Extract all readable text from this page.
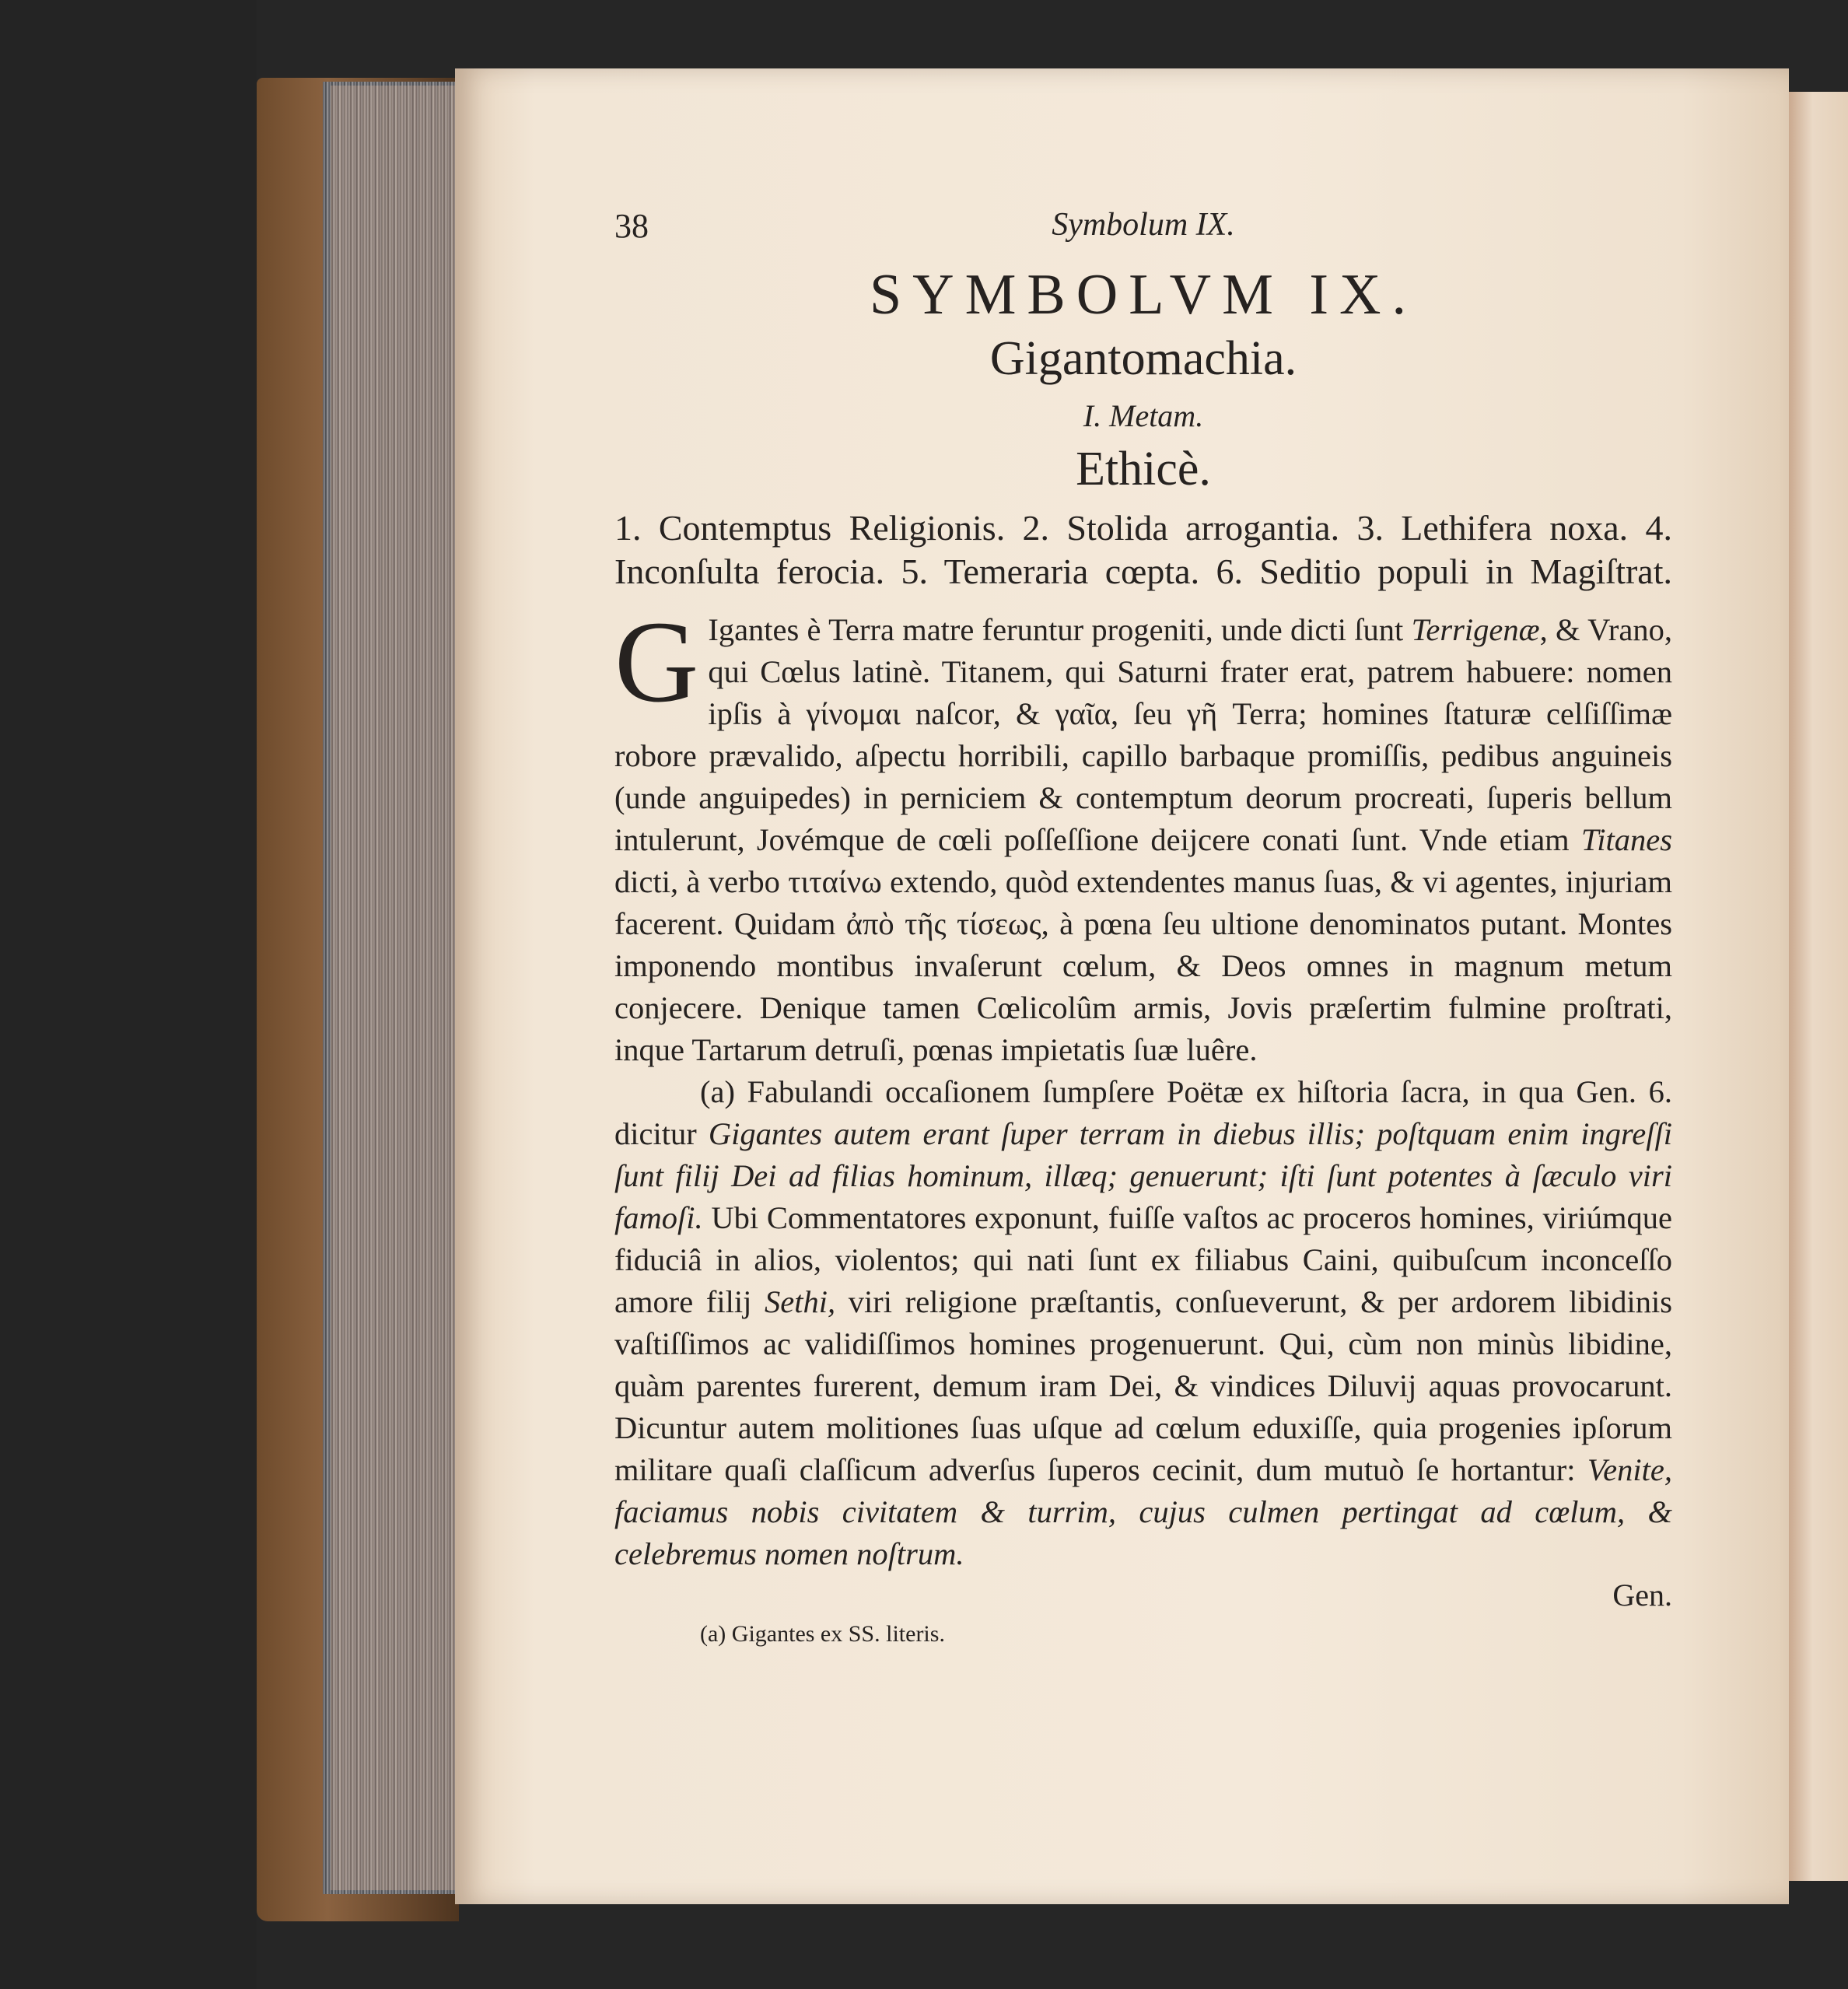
38	Symbolum IX.
SYMBOLVM IX.
Gigantomachia.
I. Metam.
Ethicè.
1. Contemptus Religionis. 2. Stolida arrogantia. 3. Lethifera noxa. 4. Inconſulta ferocia. 5. Temeraria cœpta. 6. Seditio populi in Magiſtrat.
G Igantes è Terra matre feruntur progeniti, unde dicti ſunt Terrigenæ, & Vrano, qui Cœlus latinè. Titanem, qui Saturni frater erat, patrem habuere: nomen ipſis à γίνομαι naſcor, & γαῖα, ſeu γῆ Terra; homines ſtaturæ celſiſſimæ robore prævalido, aſpectu horribili, capillo barbaque promiſſis, pedibus anguineis (unde anguipedes) in perniciem & contemptum deorum procreati, ſuperis bellum intulerunt, Jovémque de cœli poſſeſſione deijcere conati ſunt. Vnde etiam Titanes dicti, à verbo τιταίνω extendo, quòd extendentes manus ſuas, & vi agentes, injuriam facerent. Quidam ἀπὸ τῆς τίσεως, à pœna ſeu ultione denominatos putant. Montes imponendo montibus invaſerunt cœlum, & Deos omnes in magnum metum conjecere. Denique tamen Cœlicolûm armis, Jovis præſertim fulmine proſtrati, inque Tartarum detruſi, pœnas impietatis ſuæ luêre.
(a) Fabulandi occaſionem ſumpſere Poëtæ ex hiſtoria ſacra, in qua Gen. 6. dicitur Gigantes autem erant ſuper terram in diebus illis; poſtquam enim ingreſſi ſunt filij Dei ad filias hominum, illæq; genuerunt; iſti ſunt potentes à ſæculo viri famoſi. Ubi Commentatores exponunt, fuiſſe vaſtos ac proceros homines, viriúmque fiduciâ in alios, violentos; qui nati ſunt ex filiabus Caini, quibuſcum inconceſſo amore filij Sethi, viri religione præſtantis, conſueverunt, & per ardorem libidinis vaſtiſſimos ac validiſſimos homines progenuerunt. Qui, cùm non minùs libidine, quàm parentes furerent, demum iram Dei, & vindices Diluvij aquas provocarunt. Dicuntur autem molitiones ſuas uſque ad cœlum eduxiſſe, quia progenies ipſorum militare quaſi claſſicum adverſus ſuperos cecinit, dum mutuò ſe hortantur: Venite, faciamus nobis civitatem & turrim, cujus culmen pertingat ad cœlum, & celebremus nomen noſtrum.
Gen.
(a) Gigantes ex SS. literis.
